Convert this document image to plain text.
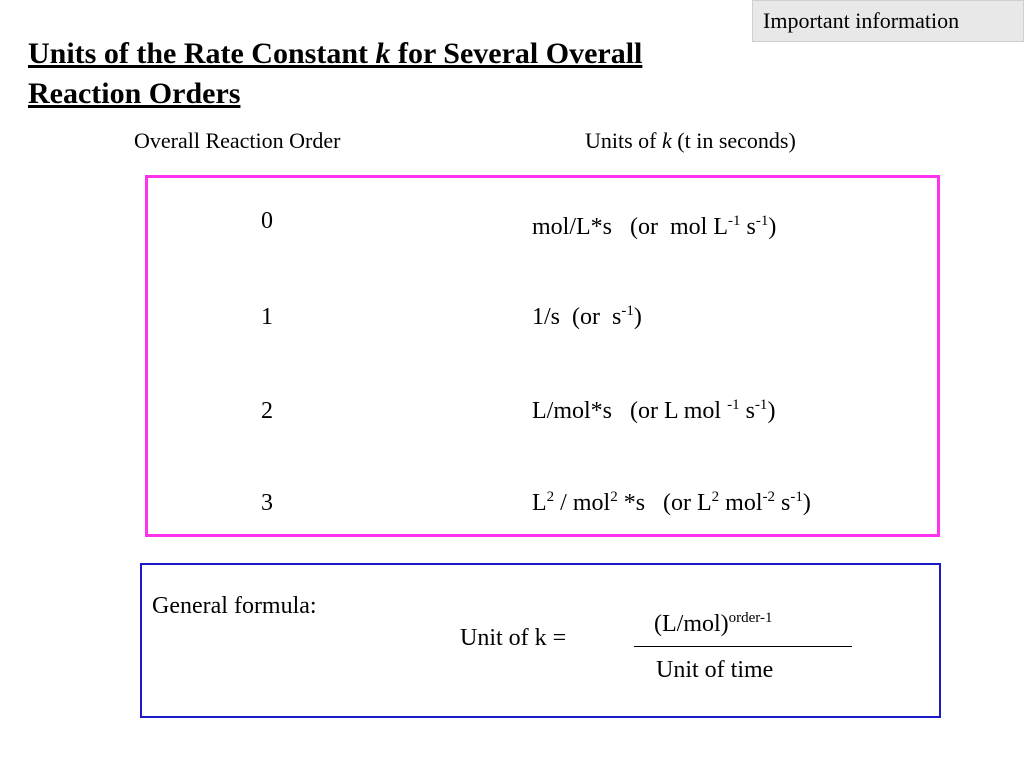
Important information
Units of the Rate Constant k for Several Overall Reaction Orders
Overall Reaction Order	Units of k (t in seconds)
0	mol/L*s   (or  mol $L^{-1}$ $s^{-1}$)
1	1/s  (or  $s^{-1}$)
2	L/mol*s   (or L mol $^{-1}$ $s^{-1}$)
3	$L^2 / mol^2$ *s   (or $L^2$ mol$^{-2}$ $s^{-1}$)
General formula:
Unit of k =
$(L/mol)^{order-1}$
Unit of time
